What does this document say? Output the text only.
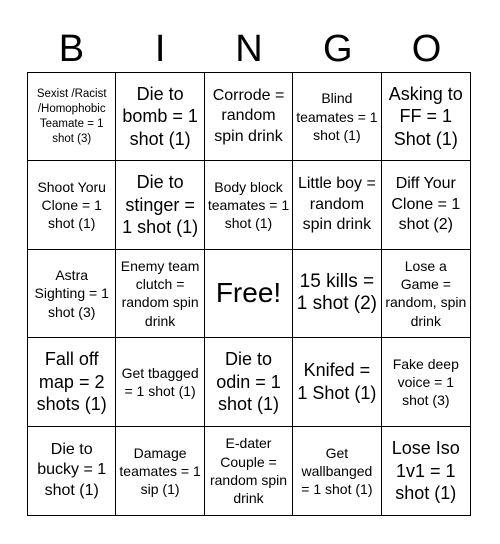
B	I	N	G	O
Sexist /Racist /Homophobic Teamate = 1 shot (3)
Die to bomb = 1 shot (1)
Corrode = random spin drink
Blind teamates = 1 shot (1)
Asking to FF = 1 Shot (1)
Shoot Yoru Clone = 1 shot (1)
Die to stinger = 1 shot (1)
Body block teamates = 1 shot (1)
Little boy = random spin drink
Diff Your Clone = 1 shot (2)
Astra Sighting = 1 shot (3)
Enemy team clutch = random spin drink
Free! 15 kills = 1 shot (2)
Lose a Game = random, spin drink
Fall off map = 2 shots (1)
Get tbagged = 1 shot (1)
Die to odin = 1 shot (1)
Knifed = 1 Shot (1)
Fake deep voice = 1 shot (3)
Die to bucky = 1 shot (1)
Damage teamates = 1 sip (1)
E-dater Couple = random spin drink
Get wallbanged = 1 shot (1)
Lose Iso 1v1 = 1 shot (1)
